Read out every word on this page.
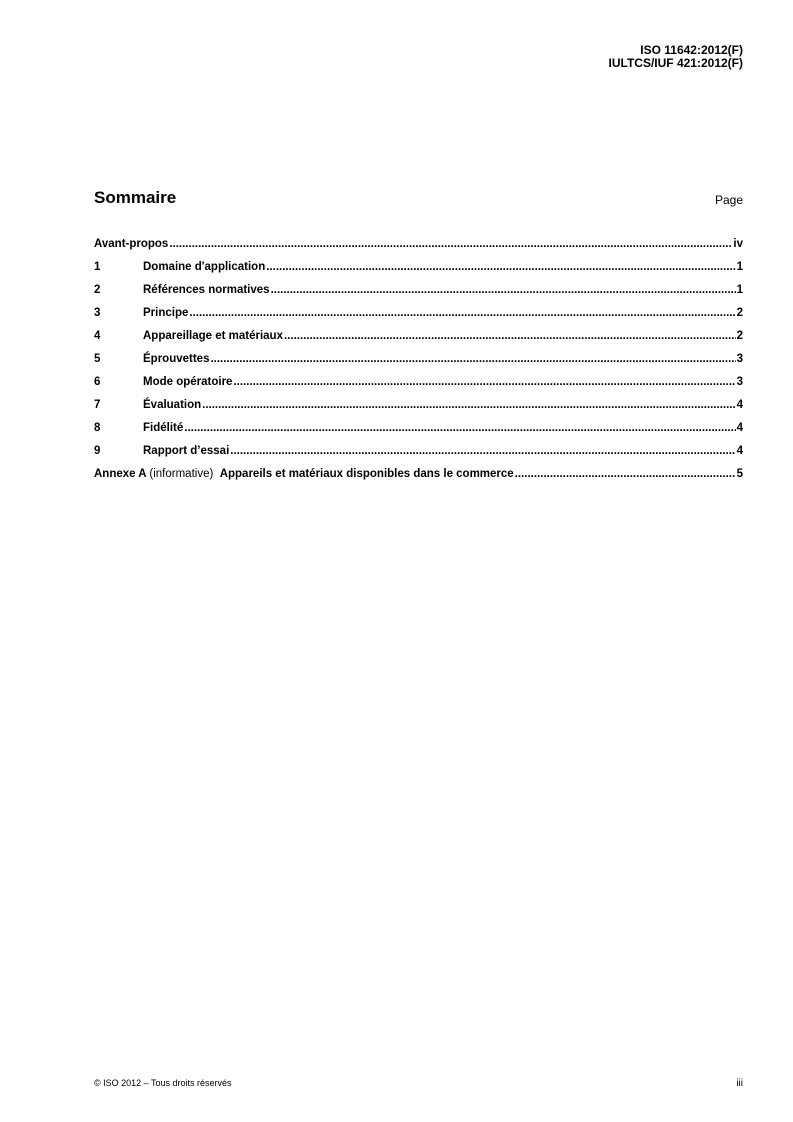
ISO 11642:2012(F)
IULTCS/IUF 421:2012(F)
Sommaire	Page
Avant-propos .....	iv
1	Domaine d'application .....	1
2	Références normatives .....	1
3	Principe .....	2
4	Appareillage et matériaux .....	2
5	Éprouvettes .....	3
6	Mode opératoire .....	3
7	Évaluation .....	4
8	Fidélité .....	4
9	Rapport d’essai .....	4
Annexe A (informative) Appareils et matériaux disponibles dans le commerce .....	5
© ISO 2012 – Tous droits réservés	iii
